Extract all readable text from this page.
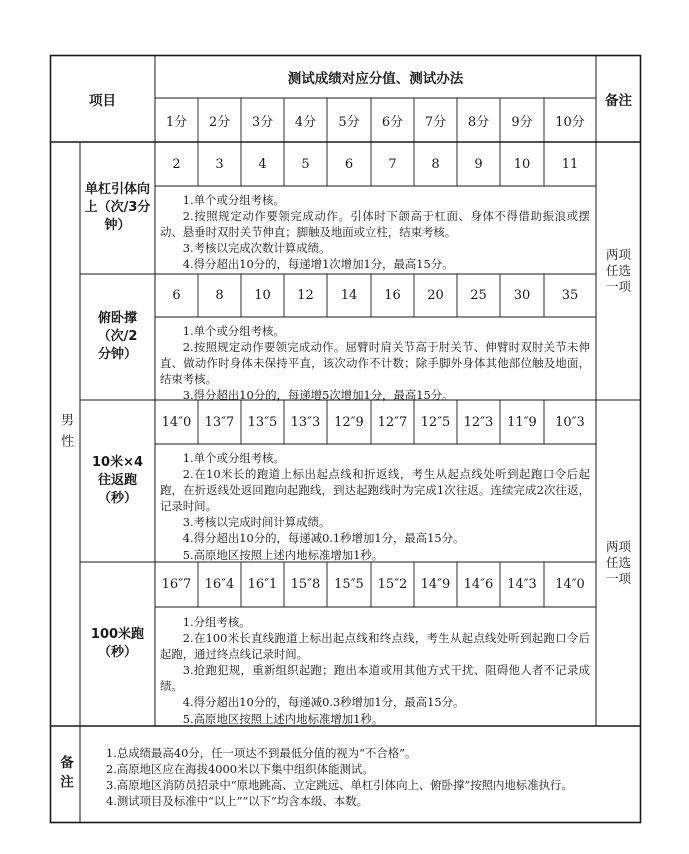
项目
测试成绩对应分值、测试办法
备注
1分	2分	3分	4分	5分	6分	7分	8分	9分	10分
男性
单杠引体向上（次/3分钟）
2	3	4	5	6	7	8	9	10	11

1.单个或分组考核。

2.按照规定动作要领完成动作。引体时下颌高于杠面、身体不得借助振浪或摆动、悬垂时双肘关节伸直；脚触及地面或立柱，结束考核。

3.考核以完成次数计算成绩。

4.得分超出10分的，每递增1次增加1分，最高15分。

俯卧撑（次/2分钟）
6	8	10	12	14	16	20	25	30	35

1.单个或分组考核。

2.按照规定动作要领完成动作。屈臂时肩关节高于肘关节、伸臂时双肘关节未伸直、做动作时身体未保持平直，该次动作不计数；除手脚外身体其他部位触及地面，结束考核。

3.得分超出10分的，每递增5次增加1分，最高15分。

两项任选一项
10米×4往返跑（秒）
14″0	13″7	13″5	13″3	12″9	12″7	12″5	12″3	11″9	10″3

1.单个或分组考核。

2.在10米长的跑道上标出起点线和折返线，考生从起点线处听到起跑口令后起跑，在折返线处返回跑向起跑线，到达起跑线时为完成1次往返。连续完成2次往返，记录时间。

3.考核以完成时间计算成绩。

4.得分超出10分的，每递减0.1秒增加1分，最高15分。

5.高原地区按照上述内地标准增加1秒。

100米跑（秒）
16″7	16″4	16″1	15″8	15″5	15″2	14″9	14″6	14″3	14″0

1.分组考核。

2.在100米长直线跑道上标出起点线和终点线，考生从起点线处听到起跑口令后起跑，通过终点线记录时间。

3.抢跑犯规，重新组织起跑；跑出本道或用其他方式干扰、阻碍他人者不记录成绩。

4.得分超出10分的，每递减0.3秒增加1分，最高15分。

5.高原地区按照上述内地标准增加1秒。

两项任选一项
备注

1.总成绩最高40分，任一项达不到最低分值的视为“不合格”。

2.高原地区应在海拔4000米以下集中组织体能测试。

3.高原地区消防员招录中“原地跳高、立定跳远、单杠引体向上、俯卧撑”按照内地标准执行。

4.测试项目及标准中“以上”“以下”均含本级、本数。
